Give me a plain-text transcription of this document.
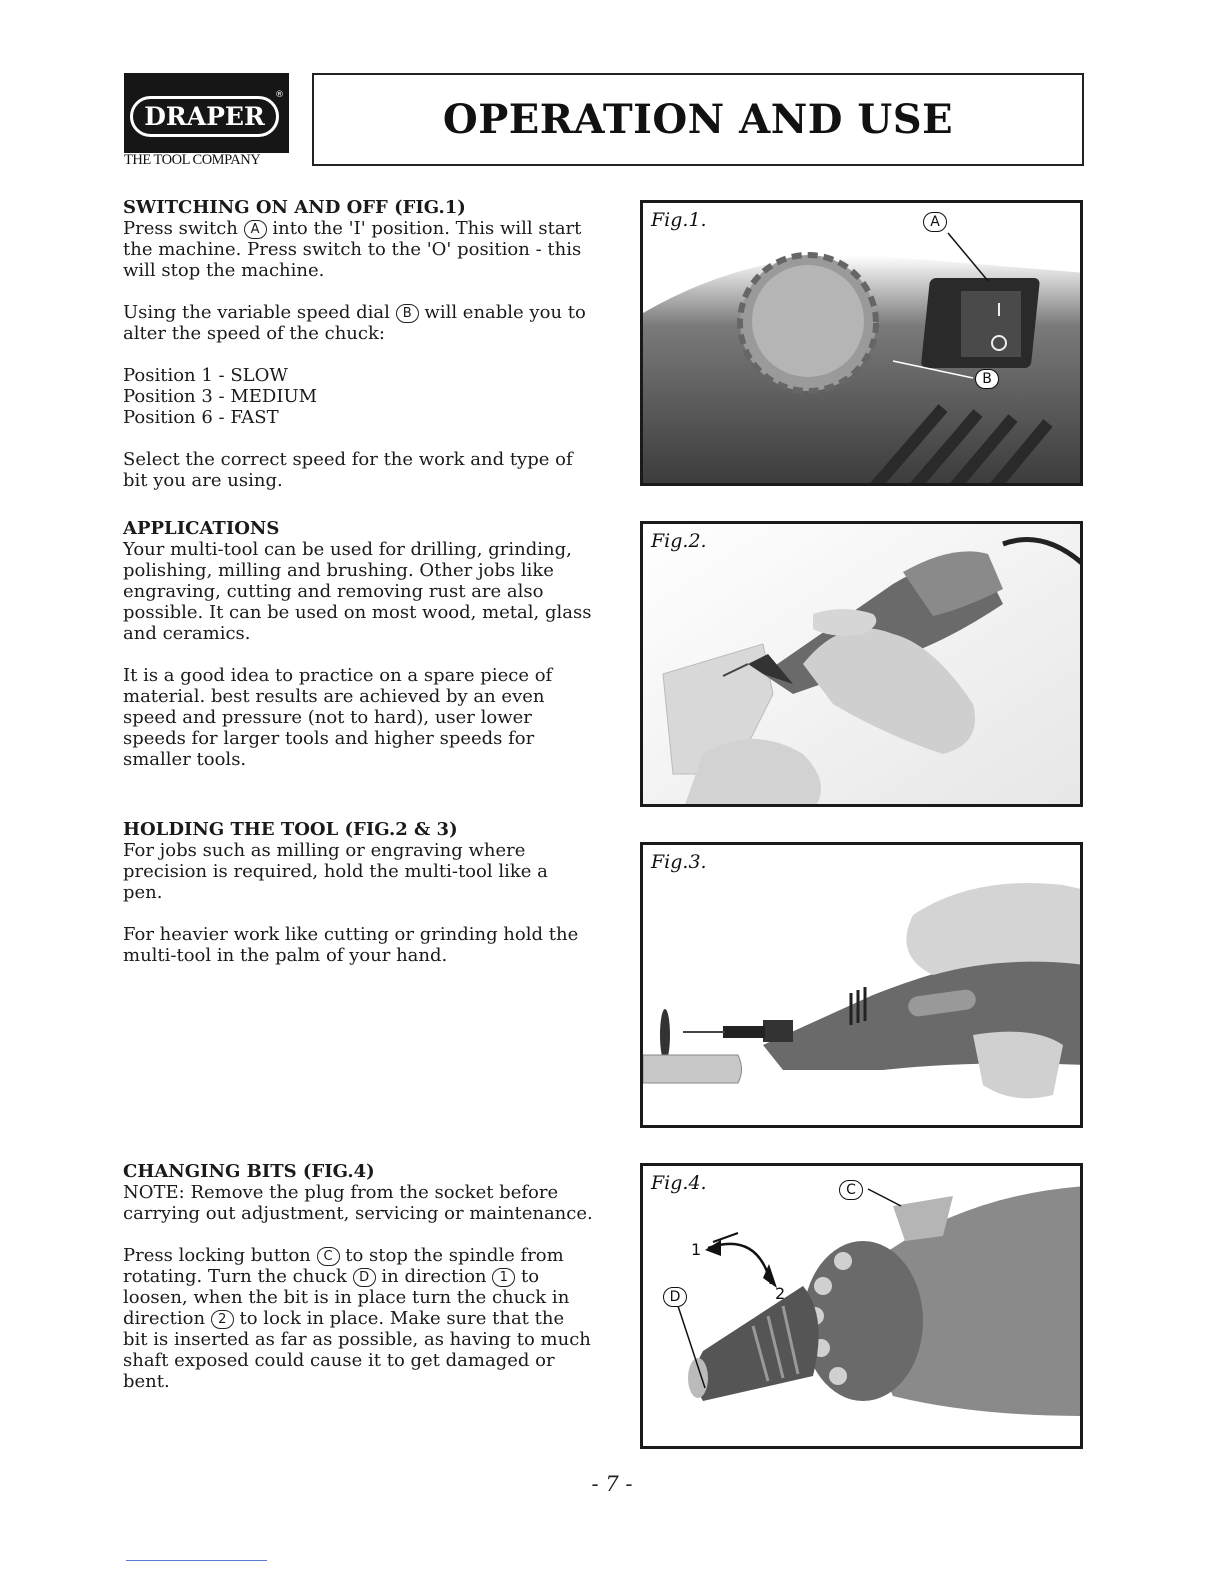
DRAPER
®
THE TOOL COMPANY
OPERATION AND USE
SWITCHING ON AND OFF (FIG.1)
Press switch A into the 'I' position. This will start the machine. Press switch to the 'O' position - this will stop the machine.
Using the variable speed dial B will enable you to alter the speed of the chuck:
Position 1 - SLOW
Position 3 - MEDIUM
Position 6 - FAST
Select the correct speed for the work and type of bit you are using.
APPLICATIONS
Your multi-tool can be used for drilling, grinding, polishing, milling and brushing. Other jobs like engraving, cutting and removing rust are also possible. It can be used on most wood, metal, glass and ceramics.
It is a good idea to practice on a spare piece of material. best results are achieved by an even speed and pressure (not to hard), user lower speeds for larger tools and higher speeds for smaller tools.
HOLDING THE TOOL (FIG.2 & 3)
For jobs such as milling or engraving where precision is required, hold the multi-tool like a pen.
For heavier work like cutting or grinding hold the multi-tool in the palm of your hand.
CHANGING BITS (FIG.4)
NOTE: Remove the plug from the socket before carrying out adjustment, servicing or maintenance.
Press locking button C to stop the spindle from rotating. Turn the chuck D in direction 1 to loosen, when the bit is in place turn the chuck in direction 2 to lock in place. Make sure that the bit is inserted as far as possible, as having to much shaft exposed could cause it to get damaged or bent.
Fig.1.	A
B
Fig.2.
Fig.3.
Fig.4.	C
D
1
2
- 7 -
